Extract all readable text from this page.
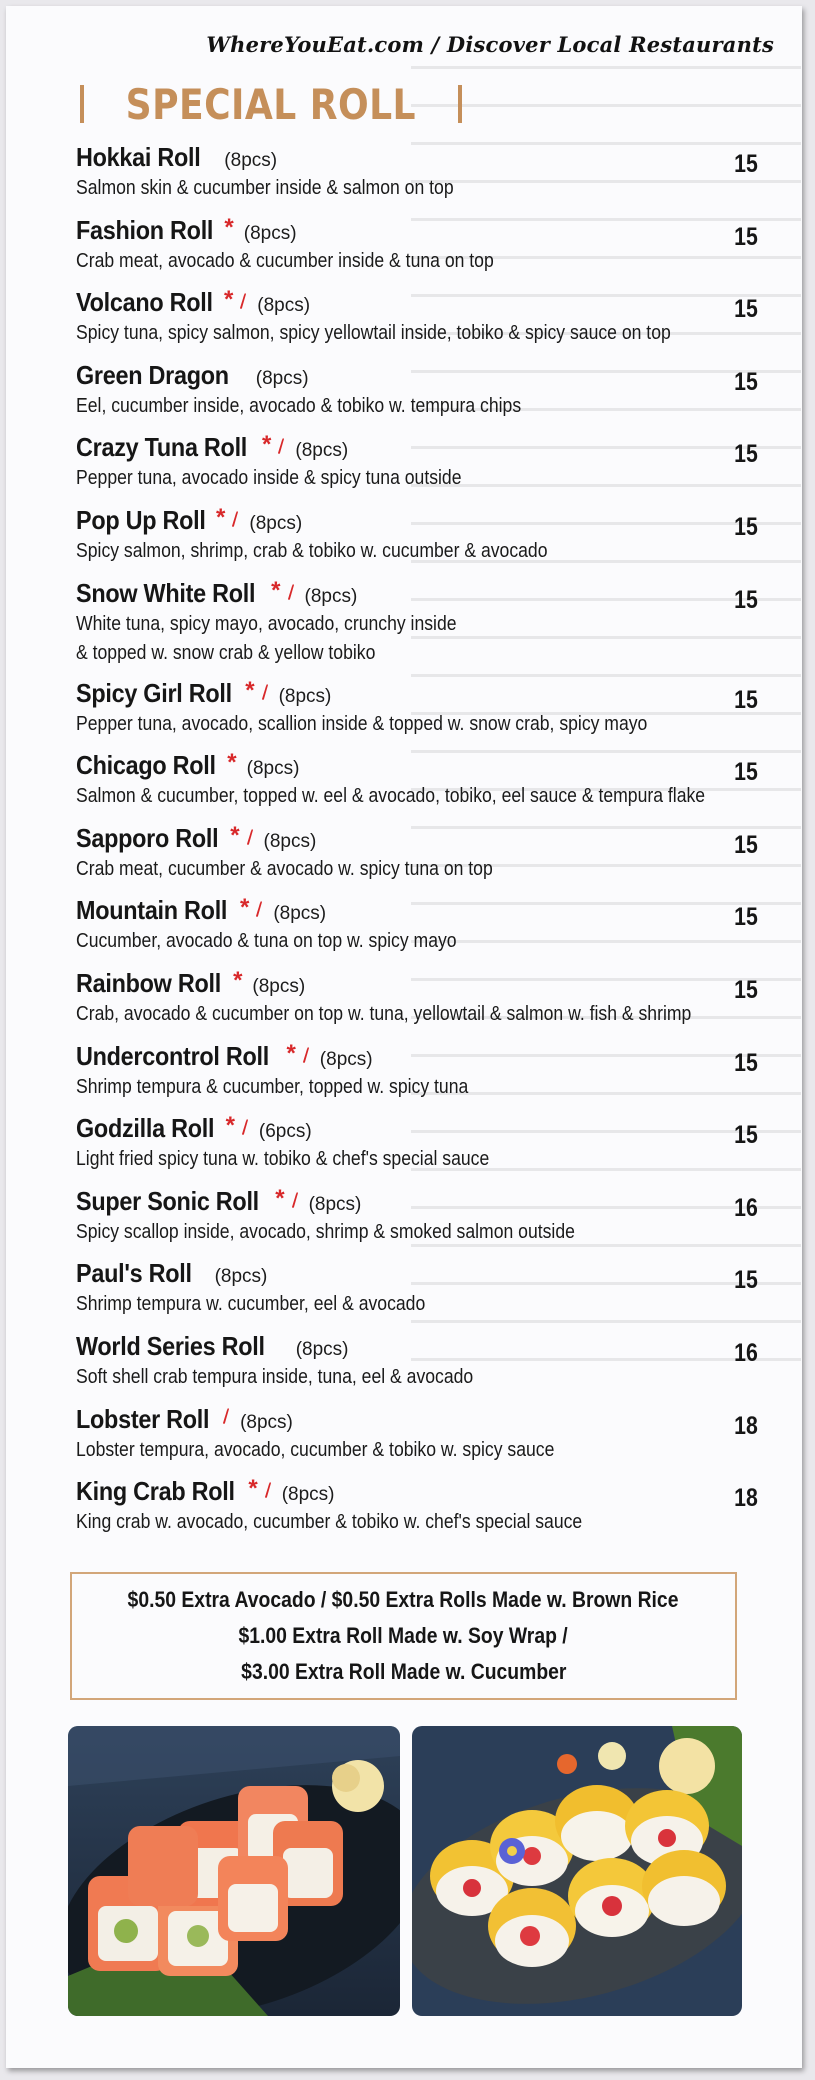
WhereYouEat.com / Discover Local Restaurants
SPECIAL ROLL
Hokkai Roll (8pcs)
Salmon skin & cucumber inside & salmon on top
15
Fashion Roll * (8pcs)
Crab meat, avocado & cucumber inside & tuna on top
15
Volcano Roll * (8pcs)
Spicy tuna, spicy salmon, spicy yellowtail inside, tobiko & spicy sauce on top
15
Green Dragon (8pcs)
Eel, cucumber inside, avocado & tobiko w. tempura chips
15
Crazy Tuna Roll * (8pcs)
Pepper tuna, avocado inside & spicy tuna outside
15
Pop Up Roll * (8pcs)
Spicy salmon, shrimp, crab & tobiko w. cucumber & avocado
15
Snow White Roll * (8pcs)
White tuna, spicy mayo, avocado, crunchy inside
& topped w. snow crab & yellow tobiko
15
Spicy Girl Roll * (8pcs)
Pepper tuna, avocado, scallion inside & topped w. snow crab, spicy mayo
15
Chicago Roll * (8pcs)
Salmon & cucumber, topped w. eel & avocado, tobiko, eel sauce & tempura flake
15
Sapporo Roll * (8pcs)
Crab meat, cucumber & avocado w. spicy tuna on top
15
Mountain Roll * (8pcs)
Cucumber, avocado & tuna on top w. spicy mayo
15
Rainbow Roll * (8pcs)
Crab, avocado & cucumber on top w. tuna, yellowtail & salmon w. fish & shrimp
15
Undercontrol Roll * (8pcs)
Shrimp tempura & cucumber, topped w. spicy tuna
15
Godzilla Roll * (6pcs)
Light fried spicy tuna w. tobiko & chef's special sauce
15
Super Sonic Roll * (8pcs)
Spicy scallop inside, avocado, shrimp & smoked salmon outside
16
Paul's Roll (8pcs)
Shrimp tempura w. cucumber, eel & avocado
15
World Series Roll (8pcs)
Soft shell crab tempura inside, tuna, eel & avocado
16
Lobster Roll (8pcs)
Lobster tempura, avocado, cucumber & tobiko w. spicy sauce
18
King Crab Roll * (8pcs)
King crab w. avocado, cucumber & tobiko w. chef's special sauce
18
$0.50 Extra Avocado / $0.50 Extra Rolls Made w. Brown Rice
$1.00 Extra Roll Made w. Soy Wrap /
$3.00 Extra Roll Made w. Cucumber
